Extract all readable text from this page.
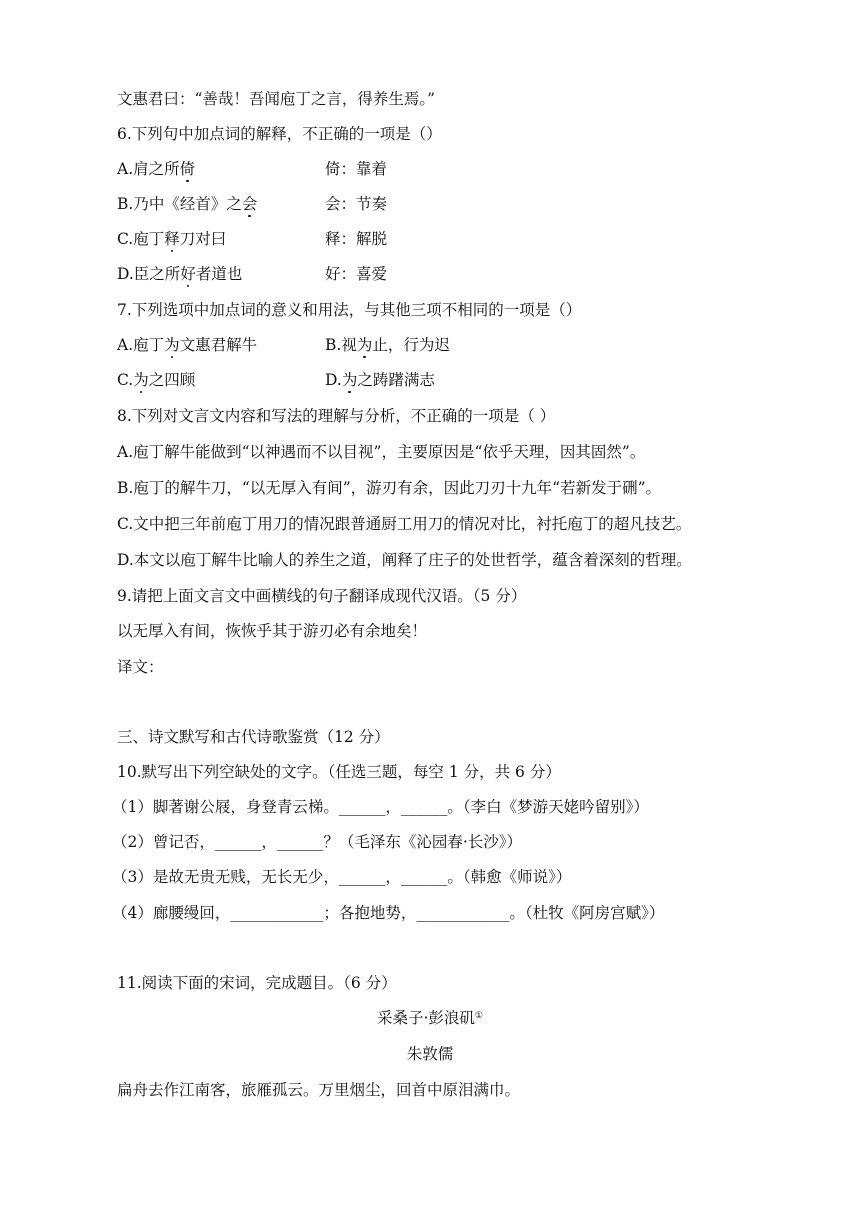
文惠君曰：“善哉！吾闻庖丁之言，得养生焉。”
6.下列句中加点词的解释，不正确的一项是（）
A.肩之所倚	倚：靠着
B.乃中《经首》之会	会：节奏
C.庖丁释刀对曰	释：解脱
D.臣之所好者道也	好：喜爱
7.下列选项中加点词的意义和用法，与其他三项不相同的一项是（）
A.庖丁为文惠君解牛	B.视为止，行为迟
C.为之四顾	D.为之踌躇满志
8.下列对文言文内容和写法的理解与分析，不正确的一项是（ ）
A.庖丁解牛能做到“以神遇而不以目视”，主要原因是“依乎天理，因其固然”。
B.庖丁的解牛刀，“以无厚入有间”，游刃有余，因此刀刃十九年“若新发于硎”。
C.文中把三年前庖丁用刀的情况跟普通厨工用刀的情况对比，衬托庖丁的超凡技艺。
D.本文以庖丁解牛比喻人的养生之道，阐释了庄子的处世哲学，蕴含着深刻的哲理。
9.请把上面文言文中画横线的句子翻译成现代汉语。（5 分）
以无厚入有间，恢恢乎其于游刃必有余地矣！
译文：
三、诗文默写和古代诗歌鉴赏（12 分）
10.默写出下列空缺处的文字。（任选三题，每空 1 分，共 6 分）
（1）脚著谢公屐，身登青云梯。______，______。（李白《梦游天姥吟留别》）
（2）曾记否，______，______？（毛泽东《沁园春·长沙》）
（3）是故无贵无贱，无长无少，______，______。（韩愈《师说》）
（4）廊腰缦回，____________；各抱地势，____________。（杜牧《阿房宫赋》）
11.阅读下面的宋词，完成题目。（6 分）
采桑子·彭浪矶①
朱敦儒
扁舟去作江南客，旅雁孤云。万里烟尘，回首中原泪满巾。
